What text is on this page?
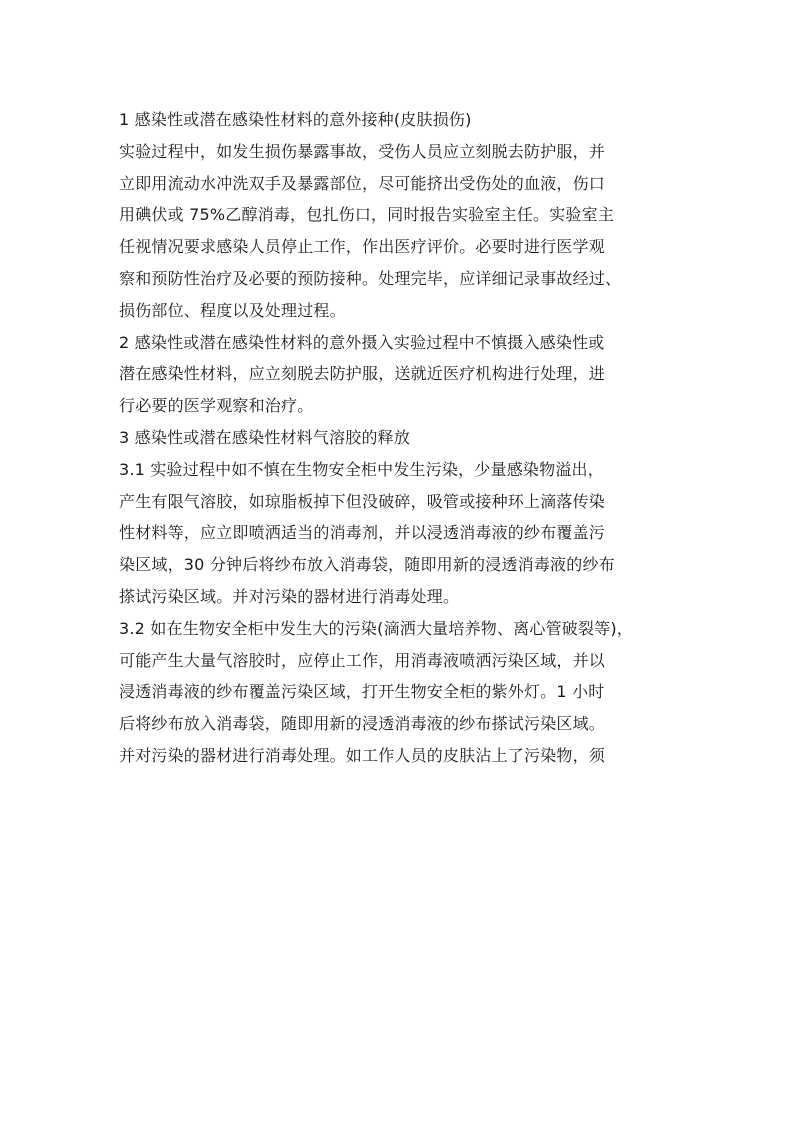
1 感染性或潜在感染性材料的意外接种(皮肤损伤)
实验过程中，如发生损伤暴露事故，受伤人员应立刻脱去防护服，并
立即用流动水冲洗双手及暴露部位，尽可能挤出受伤处的血液，伤口
用碘伏或 75%乙醇消毒，包扎伤口，同时报告实验室主任。实验室主
任视情况要求感染人员停止工作，作出医疗评价。必要时进行医学观
察和预防性治疗及必要的预防接种。处理完毕，应详细记录事故经过、
损伤部位、程度以及处理过程。
2 感染性或潜在感染性材料的意外摄入实验过程中不慎摄入感染性或
潜在感染性材料，应立刻脱去防护服，送就近医疗机构进行处理，进
行必要的医学观察和治疗。
3 感染性或潜在感染性材料气溶胶的释放
3.1 实验过程中如不慎在生物安全柜中发生污染，少量感染物溢出，
产生有限气溶胶，如琼脂板掉下但没破碎，吸管或接种环上滴落传染
性材料等，应立即喷洒适当的消毒剂，并以浸透消毒液的纱布覆盖污
染区域，30 分钟后将纱布放入消毒袋，随即用新的浸透消毒液的纱布
搽试污染区域。并对污染的器材进行消毒处理。
3.2 如在生物安全柜中发生大的污染(滴洒大量培养物、离心管破裂等)，
可能产生大量气溶胶时，应停止工作，用消毒液喷洒污染区域，并以
浸透消毒液的纱布覆盖污染区域，打开生物安全柜的紫外灯。1 小时
后将纱布放入消毒袋，随即用新的浸透消毒液的纱布搽试污染区域。
并对污染的器材进行消毒处理。如工作人员的皮肤沾上了污染物，须
